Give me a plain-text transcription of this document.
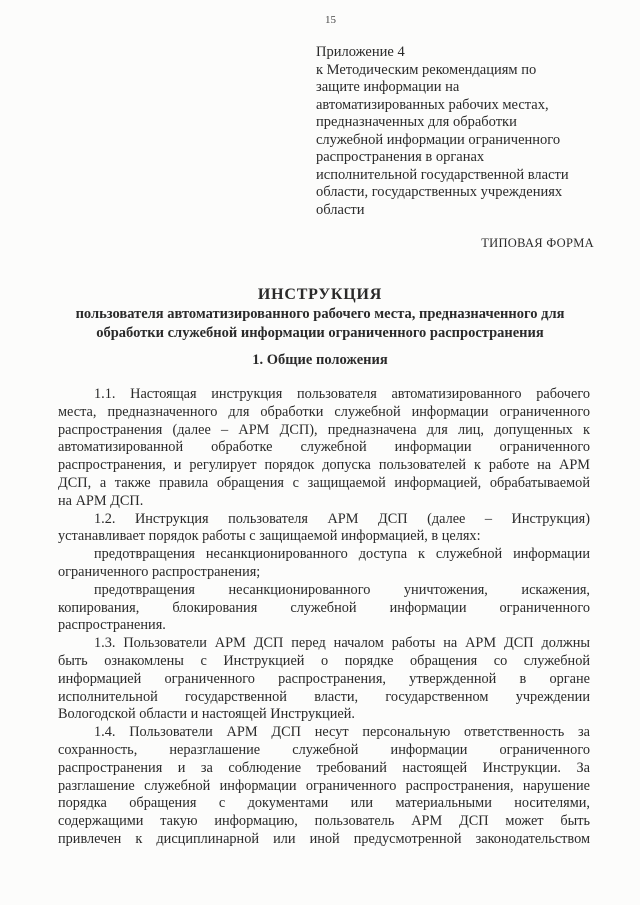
15
Приложение 4
к Методическим рекомендациям по
защите информации на
автоматизированных рабочих местах,
предназначенных для обработки
служебной информации ограниченного
распространения в органах
исполнительной государственной власти
области, государственных учреждениях
области
ТИПОВАЯ ФОРМА
ИНСТРУКЦИЯ
пользователя автоматизированного рабочего места, предназначенного для
обработки служебной информации ограниченного распространения
1. Общие положения
1.1. Настоящая инструкция пользователя автоматизированного рабочего
места, предназначенного для обработки служебной информации ограниченного
распространения (далее – АРМ ДСП), предназначена для лиц, допущенных к
автоматизированной обработке служебной информации ограниченного
распространения, и регулирует порядок допуска пользователей к работе на АРМ
ДСП, а также правила обращения с защищаемой информацией, обрабатываемой
на АРМ ДСП.
1.2. Инструкция пользователя АРМ ДСП (далее – Инструкция)
устанавливает порядок работы с защищаемой информацией, в целях:
предотвращения несанкционированного доступа к служебной информации
ограниченного распространения;
предотвращения несанкционированного уничтожения, искажения,
копирования, блокирования служебной информации ограниченного
распространения.
1.3. Пользователи АРМ ДСП перед началом работы на АРМ ДСП должны
быть ознакомлены с Инструкцией о порядке обращения со служебной
информацией ограниченного распространения, утвержденной в органе
исполнительной государственной власти, государственном учреждении
Вологодской области и настоящей Инструкцией.
1.4. Пользователи АРМ ДСП несут персональную ответственность за
сохранность, неразглашение служебной информации ограниченного
распространения и за соблюдение требований настоящей Инструкции. За
разглашение служебной информации ограниченного распространения, нарушение
порядка обращения с документами или материальными носителями,
содержащими такую информацию, пользователь АРМ ДСП может быть
привлечен к дисциплинарной или иной предусмотренной законодательством
